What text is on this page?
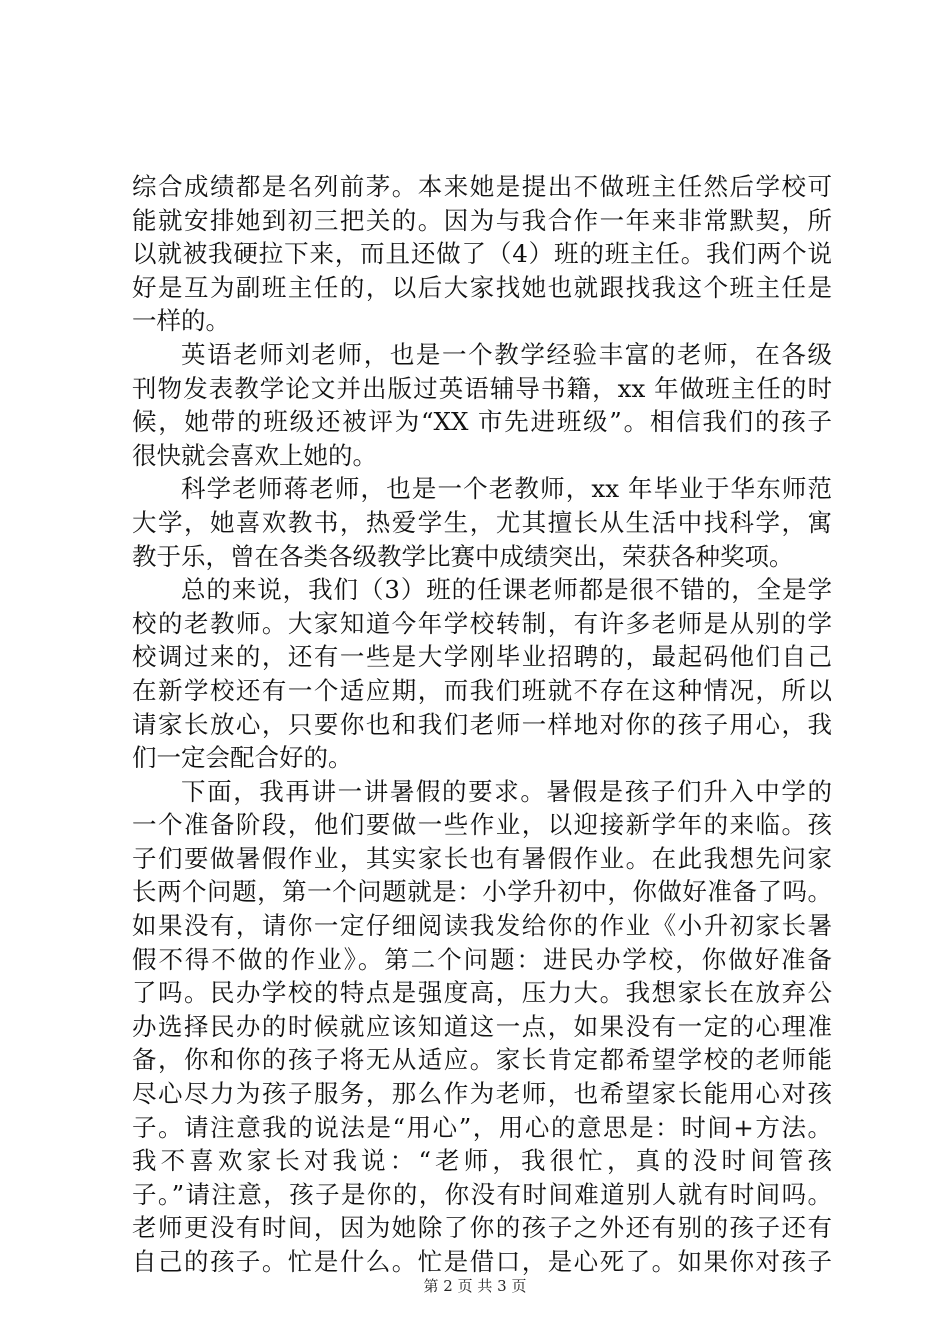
综合成绩都是名列前茅。本来她是提出不做班主任然后学校可
能就安排她到初三把关的。因为与我合作一年来非常默契，所
以就被我硬拉下来，而且还做了（4）班的班主任。我们两个说
好是互为副班主任的，以后大家找她也就跟找我这个班主任是
一样的。
英语老师刘老师，也是一个教学经验丰富的老师，在各级
刊物发表教学论文并出版过英语辅导书籍，xx 年做班主任的时
候，她带的班级还被评为“XX 市先进班级”。相信我们的孩子
很快就会喜欢上她的。
科学老师蒋老师，也是一个老教师，xx 年毕业于华东师范
大学，她喜欢教书，热爱学生，尤其擅长从生活中找科学，寓
教于乐，曾在各类各级教学比赛中成绩突出，荣获各种奖项。
总的来说，我们（3）班的任课老师都是很不错的，全是学
校的老教师。大家知道今年学校转制，有许多老师是从别的学
校调过来的，还有一些是大学刚毕业招聘的，最起码他们自己
在新学校还有一个适应期，而我们班就不存在这种情况，所以
请家长放心，只要你也和我们老师一样地对你的孩子用心，我
们一定会配合好的。
下面，我再讲一讲暑假的要求。暑假是孩子们升入中学的
一个准备阶段，他们要做一些作业，以迎接新学年的来临。孩
子们要做暑假作业，其实家长也有暑假作业。在此我想先问家
长两个问题，第一个问题就是：小学升初中，你做好准备了吗。
如果没有，请你一定仔细阅读我发给你的作业《小升初家长暑
假不得不做的作业》。第二个问题：进民办学校，你做好准备
了吗。民办学校的特点是强度高，压力大。我想家长在放弃公
办选择民办的时候就应该知道这一点，如果没有一定的心理准
备，你和你的孩子将无从适应。家长肯定都希望学校的老师能
尽心尽力为孩子服务，那么作为老师，也希望家长能用心对孩
子。请注意我的说法是“用心”，用心的意思是：时间+方法。
我不喜欢家长对我说：“老师，我很忙，真的没时间管孩
子。”请注意，孩子是你的，你没有时间难道别人就有时间吗。
老师更没有时间，因为她除了你的孩子之外还有别的孩子还有
自己的孩子。忙是什么。忙是借口，是心死了。如果你对孩子
第 2 页 共 3 页
